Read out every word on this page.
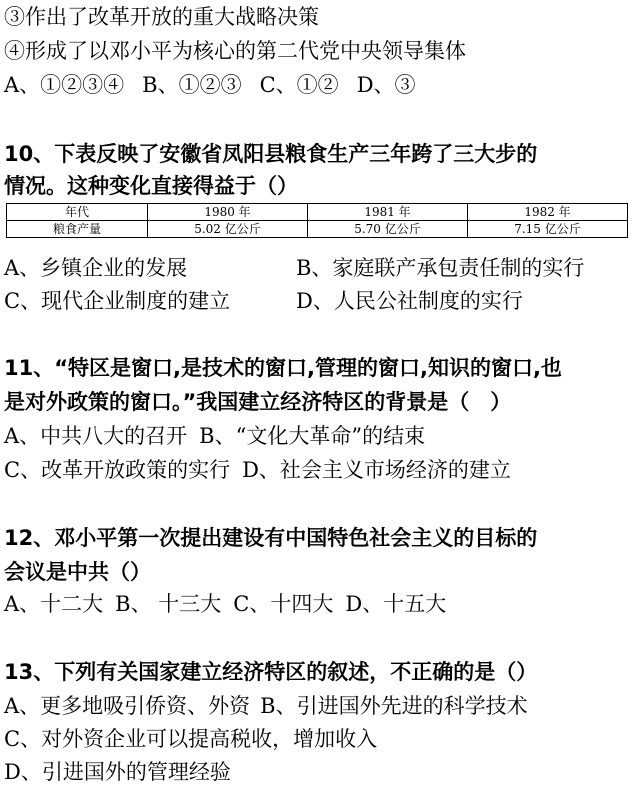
③作出了改革开放的重大战略决策
④形成了以邓小平为核心的第二代党中央领导集体
A、①②③④ B、①②③ C、①② D、③
10、下表反映了安徽省凤阳县粮食生产三年跨了三大步的
情况。这种变化直接得益于（）
年代	1980 年	1981 年	1982 年
粮食产量	5.02 亿公斤	5.70 亿公斤	7.15 亿公斤
A、乡镇企业的发展	B、家庭联产承包责任制的实行
C、现代企业制度的建立	D、人民公社制度的实行
11、“特区是窗口,是技术的窗口,管理的窗口,知识的窗口,也
是对外政策的窗口。”我国建立经济特区的背景是（　）
A、中共八大的召开 B、“文化大革命”的结束
C、改革开放政策的实行 D、社会主义市场经济的建立
12、邓小平第一次提出建设有中国特色社会主义的目标的
会议是中共（）
A、十二大 B、 十三大 C、十四大 D、十五大
13、下列有关国家建立经济特区的叙述，不正确的是（）
A、更多地吸引侨资、外资 B、引进国外先进的科学技术
C、对外资企业可以提高税收，增加收入
D、引进国外的管理经验
